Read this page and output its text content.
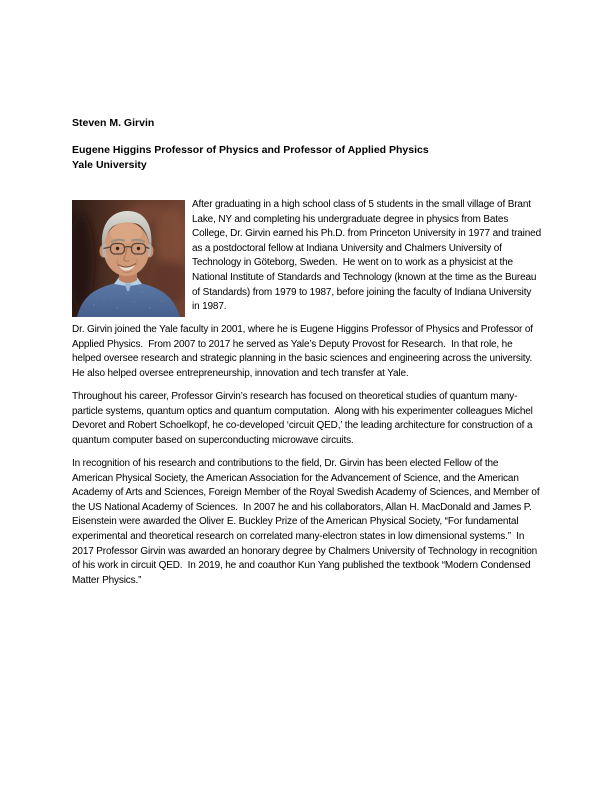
Steven M. Girvin

Eugene Higgins Professor of Physics and Professor of Applied Physics
Yale University

After graduating in a high school class of 5 students in the small village of Brant Lake, NY and completing his undergraduate degree in physics from Bates College, Dr. Girvin earned his Ph.D. from Princeton University in 1977 and trained as a postdoctoral fellow at Indiana University and Chalmers University of Technology in Göteborg, Sweden.  He went on to work as a physicist at the National Institute of Standards and Technology (known at the time as the Bureau of Standards) from 1979 to 1987, before joining the faculty of Indiana University in 1987.

Dr. Girvin joined the Yale faculty in 2001, where he is Eugene Higgins Professor of Physics and Professor of Applied Physics.  From 2007 to 2017 he served as Yale’s Deputy Provost for Research.  In that role, he helped oversee research and strategic planning in the basic sciences and engineering across the university.  He also helped oversee entrepreneurship, innovation and tech transfer at Yale.

Throughout his career, Professor Girvin’s research has focused on theoretical studies of quantum many-particle systems, quantum optics and quantum computation.  Along with his experimenter colleagues Michel Devoret and Robert Schoelkopf, he co-developed ‘circuit QED,’ the leading architecture for construction of a quantum computer based on superconducting microwave circuits.

In recognition of his research and contributions to the field, Dr. Girvin has been elected Fellow of the American Physical Society, the American Association for the Advancement of Science, and the American Academy of Arts and Sciences, Foreign Member of the Royal Swedish Academy of Sciences, and Member of the US National Academy of Sciences.  In 2007 he and his collaborators, Allan H. MacDonald and James P. Eisenstein were awarded the Oliver E. Buckley Prize of the American Physical Society, “For fundamental experimental and theoretical research on correlated many-electron states in low dimensional systems.”  In 2017 Professor Girvin was awarded an honorary degree by Chalmers University of Technology in recognition of his work in circuit QED.  In 2019, he and coauthor Kun Yang published the textbook “Modern Condensed Matter Physics.”
